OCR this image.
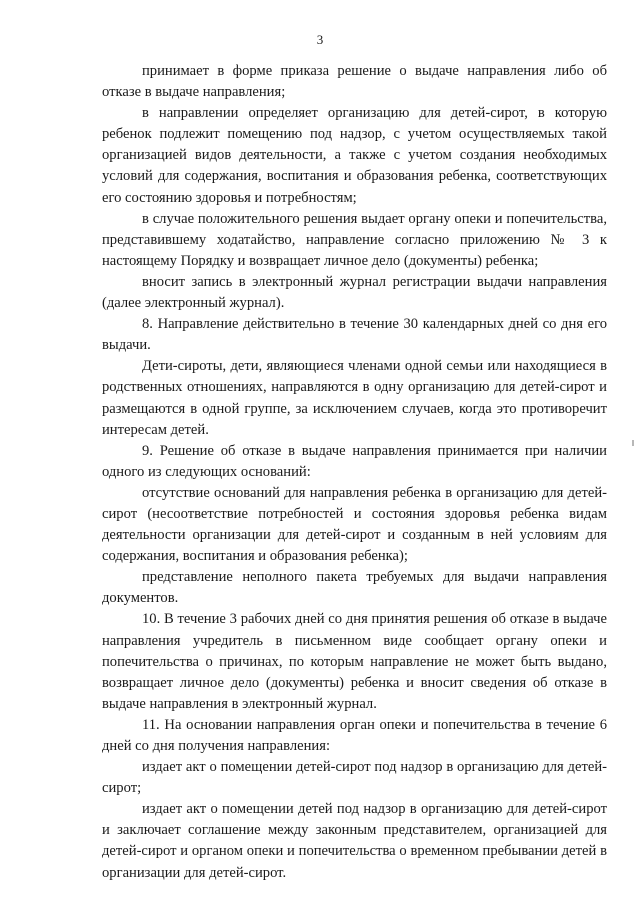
3

принимает в форме приказа решение о выдаче направления либо об отказе в выдаче направления;

в направлении определяет организацию для детей-сирот, в которую ребенок подлежит помещению под надзор, с учетом осуществляемых такой организацией видов деятельности, а также с учетом создания необходимых условий для содержания, воспитания и образования ребенка, соответствующих его состоянию здоровья и потребностям;

в случае положительного решения выдает органу опеки и попечительства, представившему ходатайство, направление согласно приложению № 3 к настоящему Порядку и возвращает личное дело (документы) ребенка;

вносит запись в электронный журнал регистрации выдачи направления (далее электронный журнал).

8. Направление действительно в течение 30 календарных дней со дня его выдачи.

Дети-сироты, дети, являющиеся членами одной семьи или находящиеся в родственных отношениях, направляются в одну организацию для детей-сирот и размещаются в одной группе, за исключением случаев, когда это противоречит интересам детей.

9. Решение об отказе в выдаче направления принимается при наличии одного из следующих оснований:

отсутствие оснований для направления ребенка в организацию для детей-сирот (несоответствие потребностей и состояния здоровья ребенка видам деятельности организации для детей-сирот и созданным в ней условиям для содержания, воспитания и образования ребенка);

представление неполного пакета требуемых для выдачи направления документов.

10. В течение 3 рабочих дней со дня принятия решения об отказе в выдаче направления учредитель в письменном виде сообщает органу опеки и попечительства о причинах, по которым направление не может быть выдано, возвращает личное дело (документы) ребенка и вносит сведения об отказе в выдаче направления в электронный журнал.

11. На основании направления орган опеки и попечительства в течение 6 дней со дня получения направления:

издает акт о помещении детей-сирот под надзор в организацию для детей-сирот;

издает акт о помещении детей под надзор в организацию для детей-сирот и заключает соглашение между законным представителем, организацией для детей-сирот и органом опеки и попечительства о временном пребывании детей в организации для детей-сирот.
